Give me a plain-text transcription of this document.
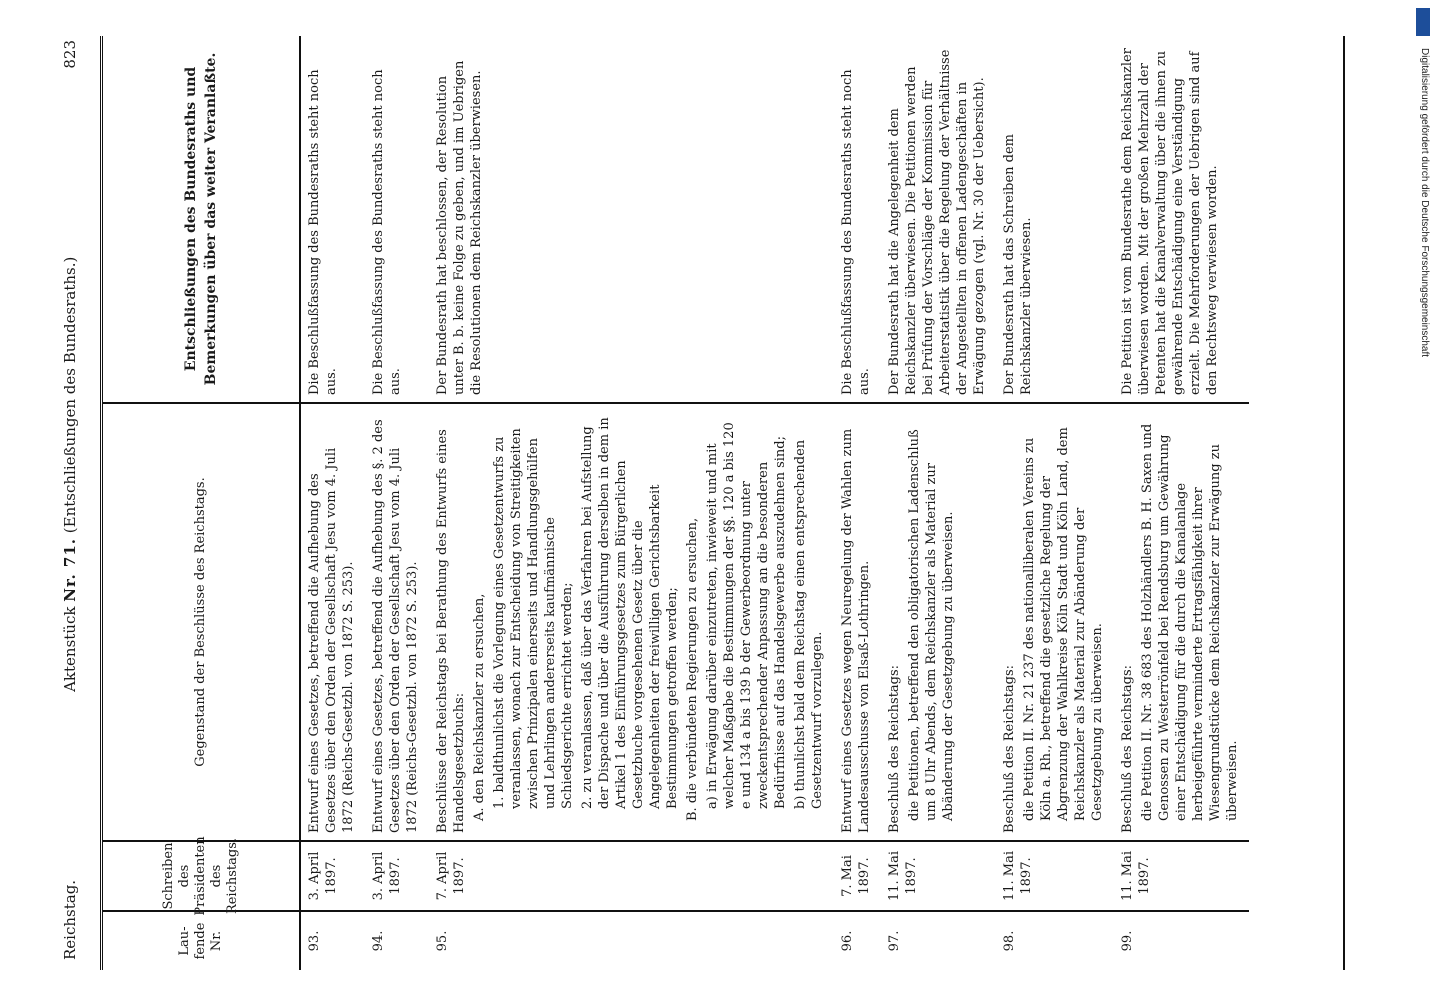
Reichstag.
Aktenstück Nr. 71. (Entschließungen des Bundesraths.)
823
Lau- fende Nr.
Schreiben des Präsidenten des Reichstags.
Gegenstand der Beschlüsse des Reichstags.
Entschließungen des Bundesraths und Bemerkungen über das weiter Veranlaßte.
93.
3. April 1897.
Entwurf eines Gesetzes, betreffend die Aufhebung des Gesetzes über den Orden der Gesellschaft Jesu vom 4. Juli 1872 (Reichs-Gesetzbl. von 1872 S. 253).

Die Beschlußfassung des Bundesraths steht noch aus.

94.
3. April 1897.
Entwurf eines Gesetzes, betreffend die Aufhebung des §. 2 des Gesetzes über den Orden der Gesellschaft Jesu vom 4. Juli 1872 (Reichs-Gesetzbl. von 1872 S. 253).

Die Beschlußfassung des Bundesraths steht noch aus.

95.
7. April 1897.
Beschlüsse der Reichstags bei Berathung des Entwurfs eines Handelsgesetzbuchs: A. den Reichskanzler zu ersuchen, 1. baldthunlichst die Vorlegung eines Gesetzentwurfs zu veranlassen, wonach zur Entscheidung von Streitigkeiten zwischen Prinzipalen einerseits und Handlungsgehülfen und Lehrlingen andererseits kaufmännische Schiedsgerichte errichtet werden; 2. zu veranlassen, daß über das Verfahren bei Aufstellung der Dispache und über die Ausführung derselben in dem in Artikel 1 des Einführungsgesetzes zum Bürgerlichen Gesetzbuche vorgesehenen Gesetz über die Angelegenheiten der freiwilligen Gerichtsbarkeit Bestimmungen getroffen werden; B. die verbündeten Regierungen zu ersuchen, a) in Erwägung darüber einzutreten, inwieweit und mit welcher Maßgabe die Bestimmungen der §§. 120 a bis 120 e und 134 a bis 139 b der Gewerbeordnung unter zweckentsprechender Anpassung an die besonderen Bedürfnisse auf das Handelsgewerbe auszudehnen sind; b) thunlichst bald dem Reichstag einen entsprechenden Gesetzentwurf vorzulegen.

Der Bundesrath hat beschlossen, der Resolution unter B. b. keine Folge zu geben, und im Uebrigen die Resolutionen dem Reichskanzler überwiesen.

96.
7. Mai 1897.
Entwurf eines Gesetzes wegen Neuregelung der Wahlen zum Landesausschusse von Elsaß-Lothringen.

Die Beschlußfassung des Bundesraths steht noch aus.

97.
11. Mai 1897.
Beschluß des Reichstags: die Petitionen, betreffend den obligatorischen Ladenschluß um 8 Uhr Abends, dem Reichskanzler als Material zur Abänderung der Gesetzgebung zu überweisen.

Der Bundesrath hat die Angelegenheit dem Reichskanzler überwiesen. Die Petitionen werden bei Prüfung der Vorschläge der Kommission für Arbeiterstatistik über die Regelung der Verhältnisse der Angestellten in offenen Ladengeschäften in Erwägung gezogen (vgl. Nr. 30 der Uebersicht).

98.
11. Mai 1897.
Beschluß des Reichstags: die Petition II. Nr. 21 237 des nationalliberalen Vereins zu Köln a. Rh., betreffend die gesetzliche Regelung der Abgrenzung der Wahlkreise Köln Stadt und Köln Land, dem Reichskanzler als Material zur Abänderung der Gesetzgebung zu überweisen.

Der Bundesrath hat das Schreiben dem Reichskanzler überwiesen.

99.
11. Mai 1897.
Beschluß des Reichstags: die Petition II. Nr. 38 683 des Holzhändlers B. H. Saxen und Genossen zu Westerrönfeld bei Rendsburg um Gewährung einer Entschädigung für die durch die Kanalanlage herbeigeführte verminderte Ertragsfähigkeit ihrer Wiesengrundstücke dem Reichskanzler zur Erwägung zu überweisen.

Die Petition ist vom Bundesrathe dem Reichskanzler überwiesen worden. Mit der großen Mehrzahl der Petenten hat die Kanalverwaltung über die ihnen zu gewährende Entschädigung eine Verständigung erzielt. Die Mehrforderungen der Uebrigen sind auf den Rechtsweg verwiesen worden.	Digitalisierung gefördert durch die Deutsche Forschungsgemeinschaft
